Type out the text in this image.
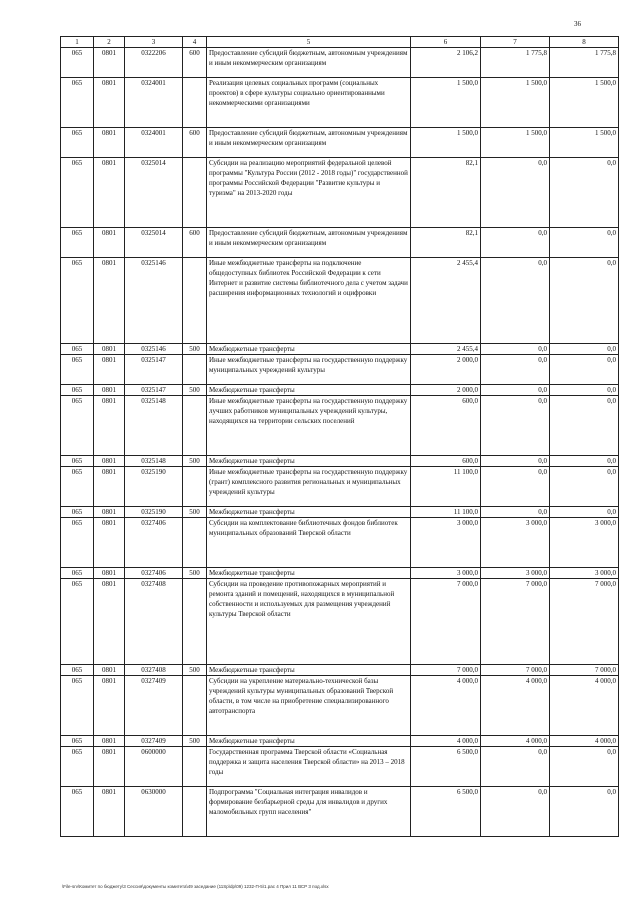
36
1	2	3	4	5	6	7	8
065	0801	0322206	600	Предоставление субсидий бюджетным, автономным учреждениям и иным некоммерческим организациям	2 106,2	1 775,8	1 775,8
065	0801	0324001		Реализация целевых социальных программ (социальных проектов) в сфере культуры социально ориентированными некоммерческими организациями	1 500,0	1 500,0	1 500,0
065	0801	0324001	600	Предоставление субсидий бюджетным, автономным учреждениям и иным некоммерческим организациям	1 500,0	1 500,0	1 500,0
065	0801	0325014		Субсидии на реализацию мероприятий федеральной целевой программы "Культура России (2012 - 2018 годы)" государственной программы Российской Федерации "Развитие культуры и туризма" на 2013-2020 годы	82,1	0,0	0,0
065	0801	0325014	600	Предоставление субсидий бюджетным, автономным учреждениям и иным некоммерческим организациям	82,1	0,0	0,0
065	0801	0325146		Иные межбюджетные трансферты на подключение общедоступных библиотек Российской Федерации к сети Интернет и развитие системы библиотечного дела с учетом задачи расширения информационных технологий и оцифровки	2 455,4	0,0	0,0
065	0801	0325146	500	Межбюджетные трансферты	2 455,4	0,0	0,0
065	0801	0325147		Иные межбюджетные трансферты на государственную поддержку муниципальных учреждений культуры	2 000,0	0,0	0,0
065	0801	0325147	500	Межбюджетные трансферты	2 000,0	0,0	0,0
065	0801	0325148		Иные межбюджетные трансферты на государственную поддержку лучших работников муниципальных учреждений культуры, находящихся на территории сельских поселений	600,0	0,0	0,0
065	0801	0325148	500	Межбюджетные трансферты	600,0	0,0	0,0
065	0801	0325190		Иные межбюджетные трансферты на государственную поддержку (грант) комплексного развития региональных и муниципальных учреждений культуры	11 100,0	0,0	0,0
065	0801	0325190	500	Межбюджетные трансферты	11 100,0	0,0	0,0
065	0801	0327406		Субсидии на комплектование библиотечных фондов библиотек муниципальных образований Тверской области	3 000,0	3 000,0	3 000,0
065	0801	0327406	500	Межбюджетные трансферты	3 000,0	3 000,0	3 000,0
065	0801	0327408		Субсидии на проведение противопожарных мероприятий и ремонта зданий и помещений, находящихся в муниципальной собственности и используемых для размещения учреждений культуры Тверской области	7 000,0	7 000,0	7 000,0
065	0801	0327408	500	Межбюджетные трансферты	7 000,0	7 000,0	7 000,0
065	0801	0327409		Субсидии на укрепление материально-технической базы учреждений культуры муниципальных образований Тверской области, в том числе на приобретение специализированного автотранспорта	4 000,0	4 000,0	4 000,0
065	0801	0327409	500	Межбюджетные трансферты	4 000,0	4 000,0	4 000,0
065	0801	0600000		Государственная программа Тверской области «Социальная поддержка и защита населения Тверской области» на 2013 – 2018 годы	6 500,0	0,0	0,0
065	0801	0630000		Подпрограмма "Социальная интеграция инвалидов и формирование безбарьерной среды для инвалидов и других маломобильных групп населения"	6 500,0	0,0	0,0
\File-srv\Комитет по бюджету\3 Сессия\документы комитета\49 заседание (11Sp\dp\09) 1232-П-5\1.рас 4 Прил 11 ВСР 3 под.xlsx
